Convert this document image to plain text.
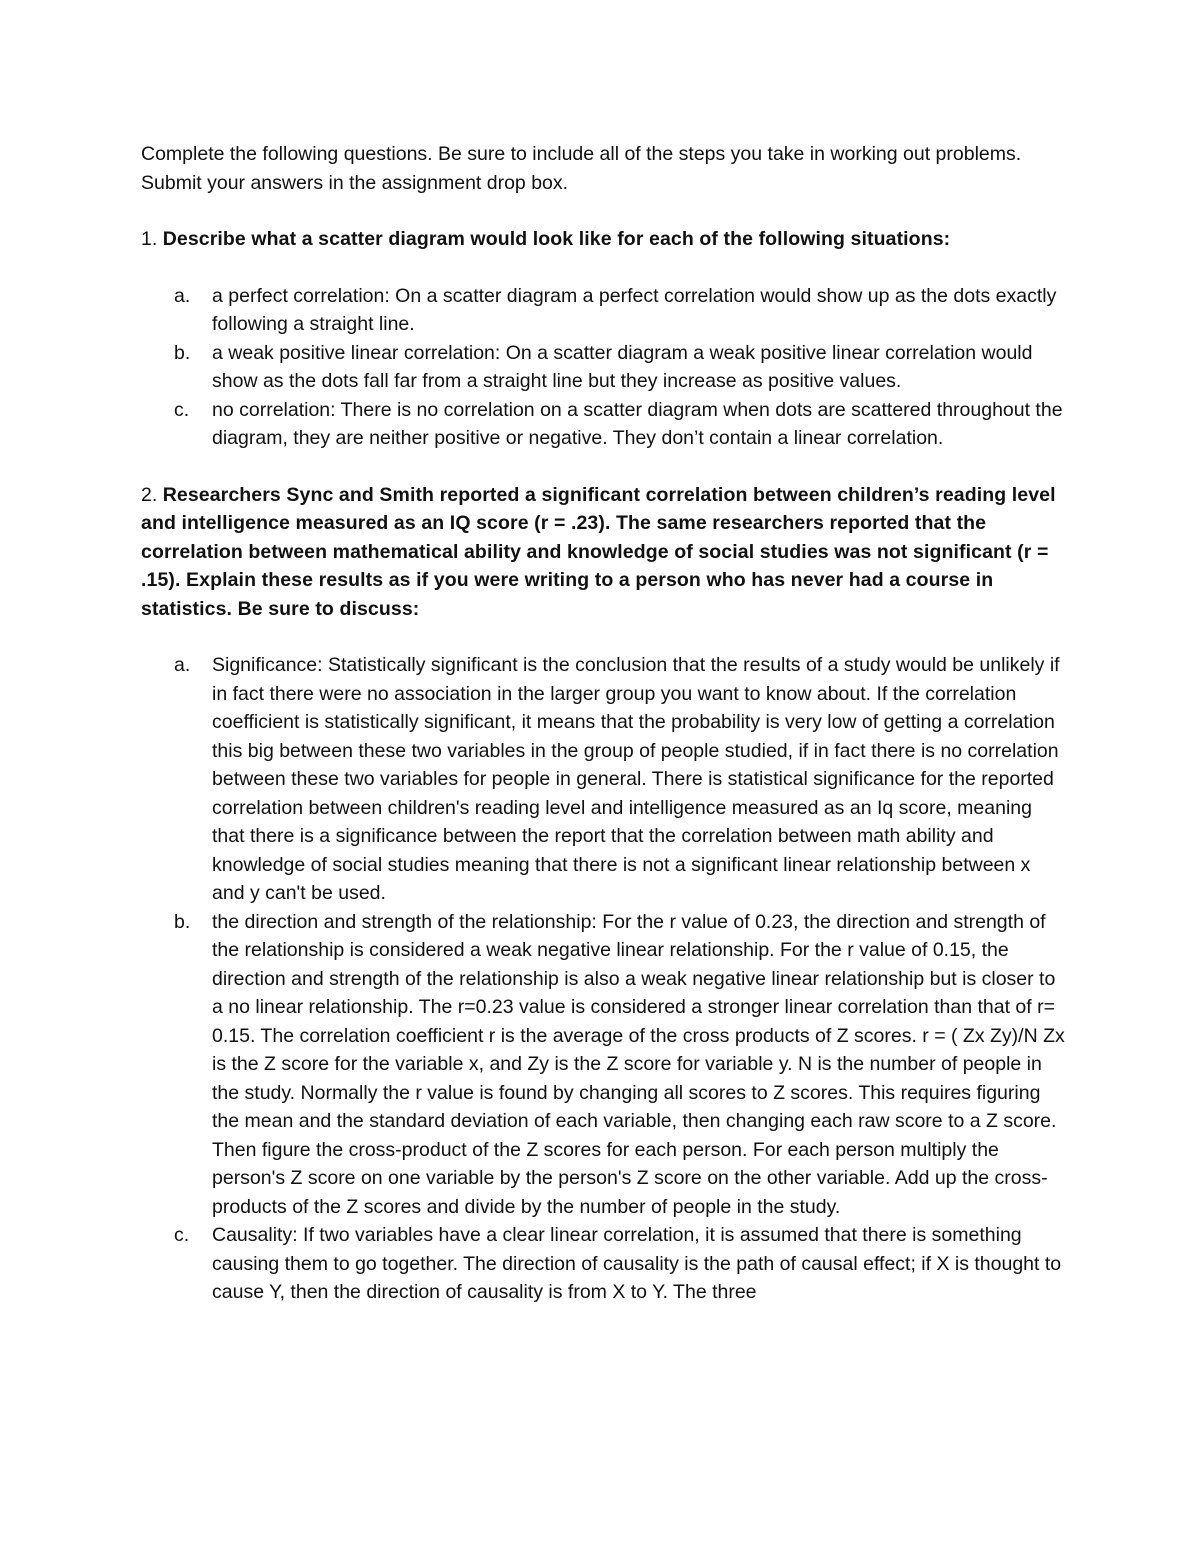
Complete the following questions. Be sure to include all of the steps you take in working out problems. Submit your answers in the assignment drop box.

1. Describe what a scatter diagram would look like for each of the following situations:

a. a perfect correlation: On a scatter diagram a perfect correlation would show up as the dots exactly following a straight line.
b. a weak positive linear correlation: On a scatter diagram a weak positive linear correlation would show as the dots fall far from a straight line but they increase as positive values.
c. no correlation: There is no correlation on a scatter diagram when dots are scattered throughout the diagram, they are neither positive or negative. They don’t contain a linear correlation.

2. Researchers Sync and Smith reported a significant correlation between children’s reading level and intelligence measured as an IQ score (r = .23). The same researchers reported that the correlation between mathematical ability and knowledge of social studies was not significant (r = .15). Explain these results as if you were writing to a person who has never had a course in statistics. Be sure to discuss:

a. Significance: Statistically significant is the conclusion that the results of a study would be unlikely if in fact there were no association in the larger group you want to know about. If the correlation coefficient is statistically significant, it means that the probability is very low of getting a correlation this big between these two variables in the group of people studied, if in fact there is no correlation between these two variables for people in general. There is statistical significance for the reported correlation between children's reading level and intelligence measured as an Iq score, meaning that there is a significance between the report that the correlation between math ability and knowledge of social studies meaning that there is not a significant linear relationship between x and y can't be used.
b. the direction and strength of the relationship: For the r value of 0.23, the direction and strength of the relationship is considered a weak negative linear relationship. For the r value of 0.15, the direction and strength of the relationship is also a weak negative linear relationship but is closer to a no linear relationship. The r=0.23 value is considered a stronger linear correlation than that of r= 0.15. The correlation coefficient r is the average of the cross products of Z scores. r = ( Zx Zy)/N Zx is the Z score for the variable x, and Zy is the Z score for variable y. N is the number of people in the study. Normally the r value is found by changing all scores to Z scores. This requires figuring the mean and the standard deviation of each variable, then changing each raw score to a Z score. Then figure the cross-product of the Z scores for each person. For each person multiply the person's Z score on one variable by the person's Z score on the other variable. Add up the cross-products of the Z scores and divide by the number of people in the study.
c. Causality: If two variables have a clear linear correlation, it is assumed that there is something causing them to go together. The direction of causality is the path of causal effect; if X is thought to cause Y, then the direction of causality is from X to Y. The three
